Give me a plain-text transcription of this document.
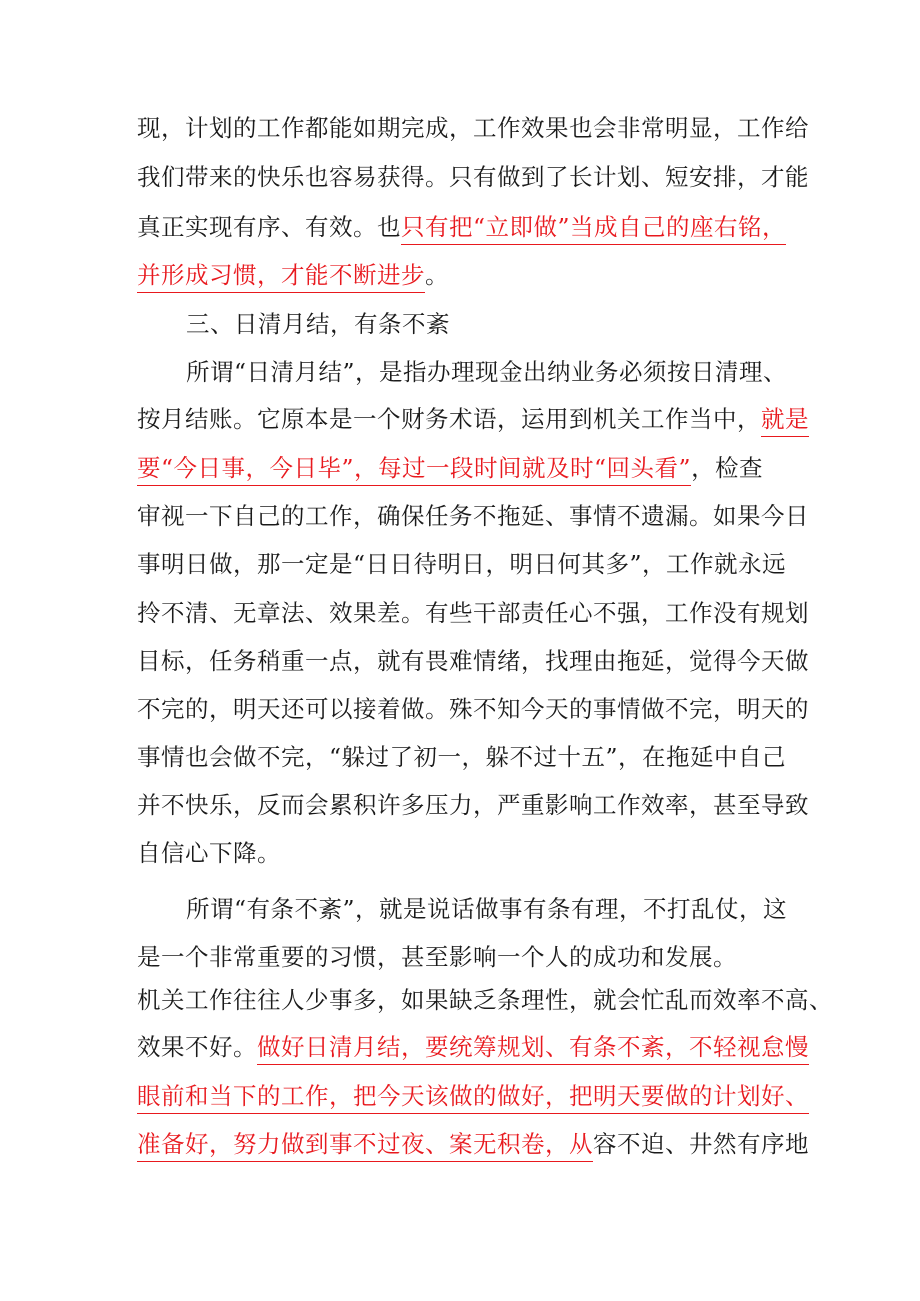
现，计划的工作都能如期完成，工作效果也会非常明显，工作给
我们带来的快乐也容易获得。只有做到了长计划、短安排，才能
真正实现有序、有效。也只有把“立即做”当成自己的座右铭，
并形成习惯，才能不断进步。
三、日清月结，有条不紊
所谓“日清月结”，是指办理现金出纳业务必须按日清理、
按月结账。它原本是一个财务术语，运用到机关工作当中，就是
要“今日事，今日毕”，每过一段时间就及时“回头看”，检查
审视一下自己的工作，确保任务不拖延、事情不遗漏。如果今日
事明日做，那一定是“日日待明日，明日何其多”，工作就永远
拎不清、无章法、效果差。有些干部责任心不强，工作没有规划
目标，任务稍重一点，就有畏难情绪，找理由拖延，觉得今天做
不完的，明天还可以接着做。殊不知今天的事情做不完，明天的
事情也会做不完，“躲过了初一，躲不过十五”，在拖延中自己
并不快乐，反而会累积许多压力，严重影响工作效率，甚至导致
自信心下降。
所谓“有条不紊”，就是说话做事有条有理，不打乱仗，这
是一个非常重要的习惯，甚至影响一个人的成功和发展。
机关工作往往人少事多，如果缺乏条理性，就会忙乱而效率不高、
效果不好。做好日清月结，要统筹规划、有条不紊，不轻视怠慢
眼前和当下的工作，把今天该做的做好，把明天要做的计划好、
准备好，努力做到事不过夜、案无积卷，从容不迫、井然有序地
